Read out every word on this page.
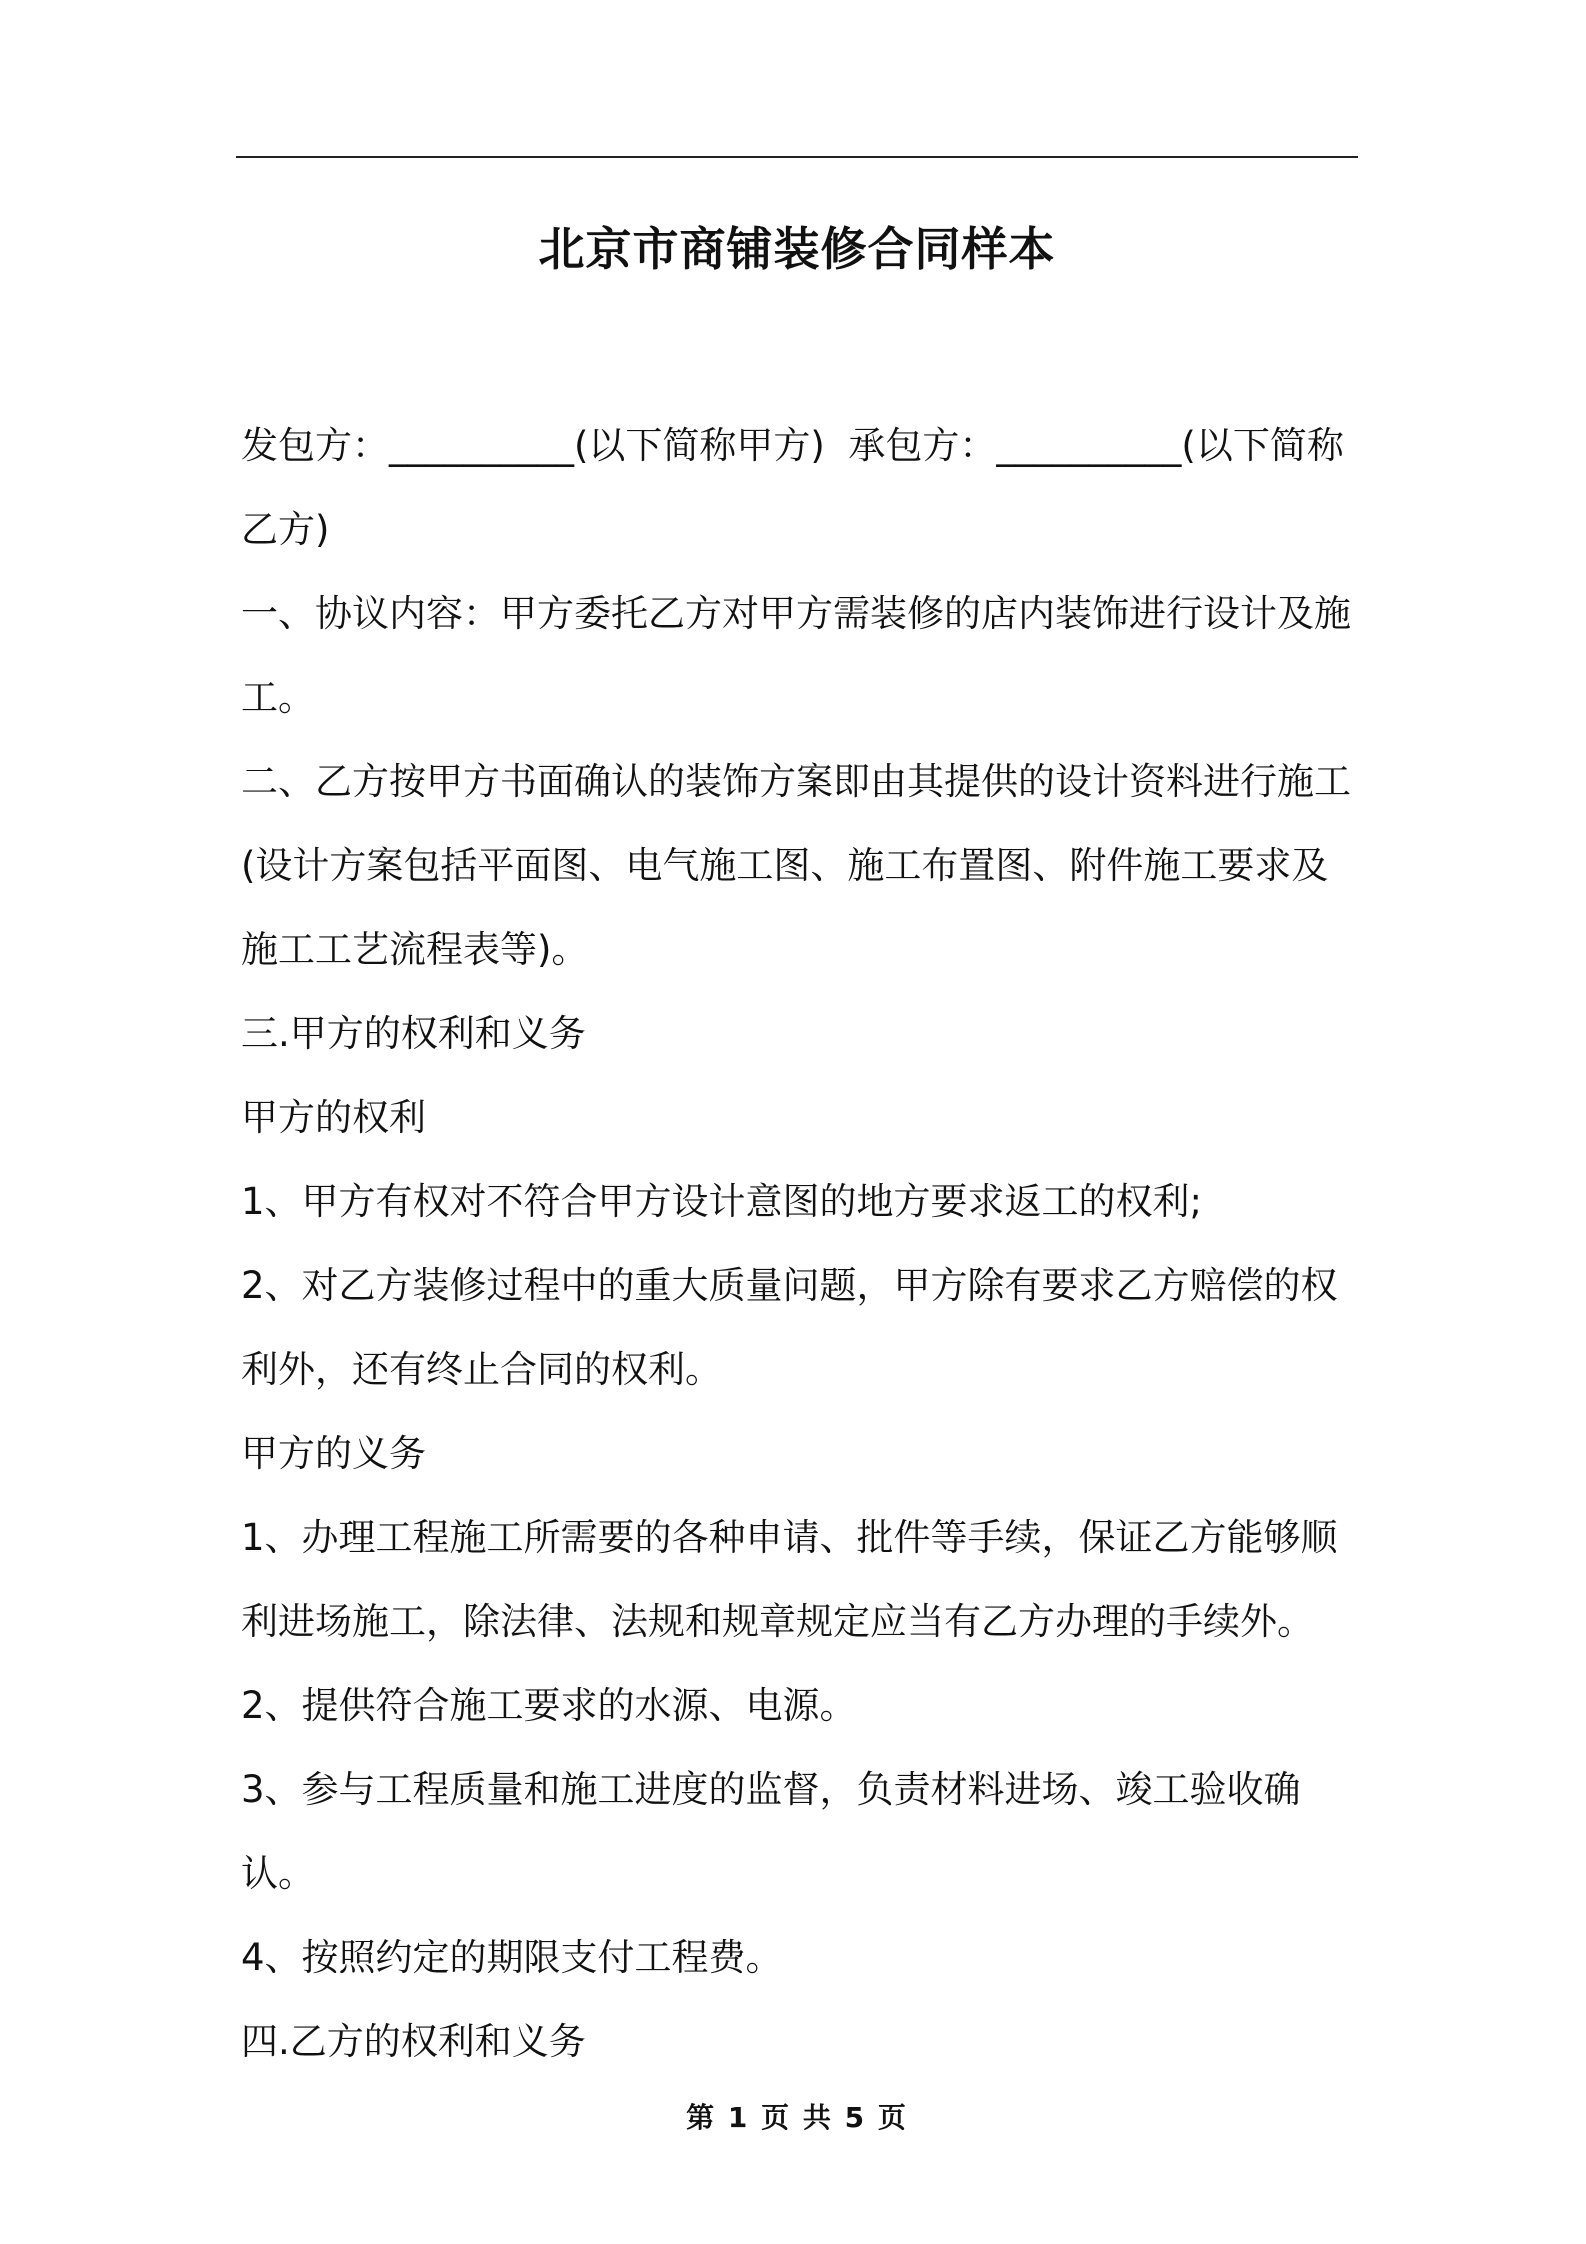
北京市商铺装修合同样本

发包方：__________(以下简称甲方)  承包方：__________(以下简称乙方)

一、协议内容：甲方委托乙方对甲方需装修的店内装饰进行设计及施工。

二、乙方按甲方书面确认的装饰方案即由其提供的设计资料进行施工(设计方案包括平面图、电气施工图、施工布置图、附件施工要求及施工工艺流程表等)。

三.甲方的权利和义务

甲方的权利

1、甲方有权对不符合甲方设计意图的地方要求返工的权利;

2、对乙方装修过程中的重大质量问题，甲方除有要求乙方赔偿的权利外，还有终止合同的权利。

甲方的义务

1、办理工程施工所需要的各种申请、批件等手续，保证乙方能够顺利进场施工，除法律、法规和规章规定应当有乙方办理的手续外。

2、提供符合施工要求的水源、电源。

3、参与工程质量和施工进度的监督，负责材料进场、竣工验收确认。

4、按照约定的期限支付工程费。

四.乙方的权利和义务

第 1 页 共 5 页
